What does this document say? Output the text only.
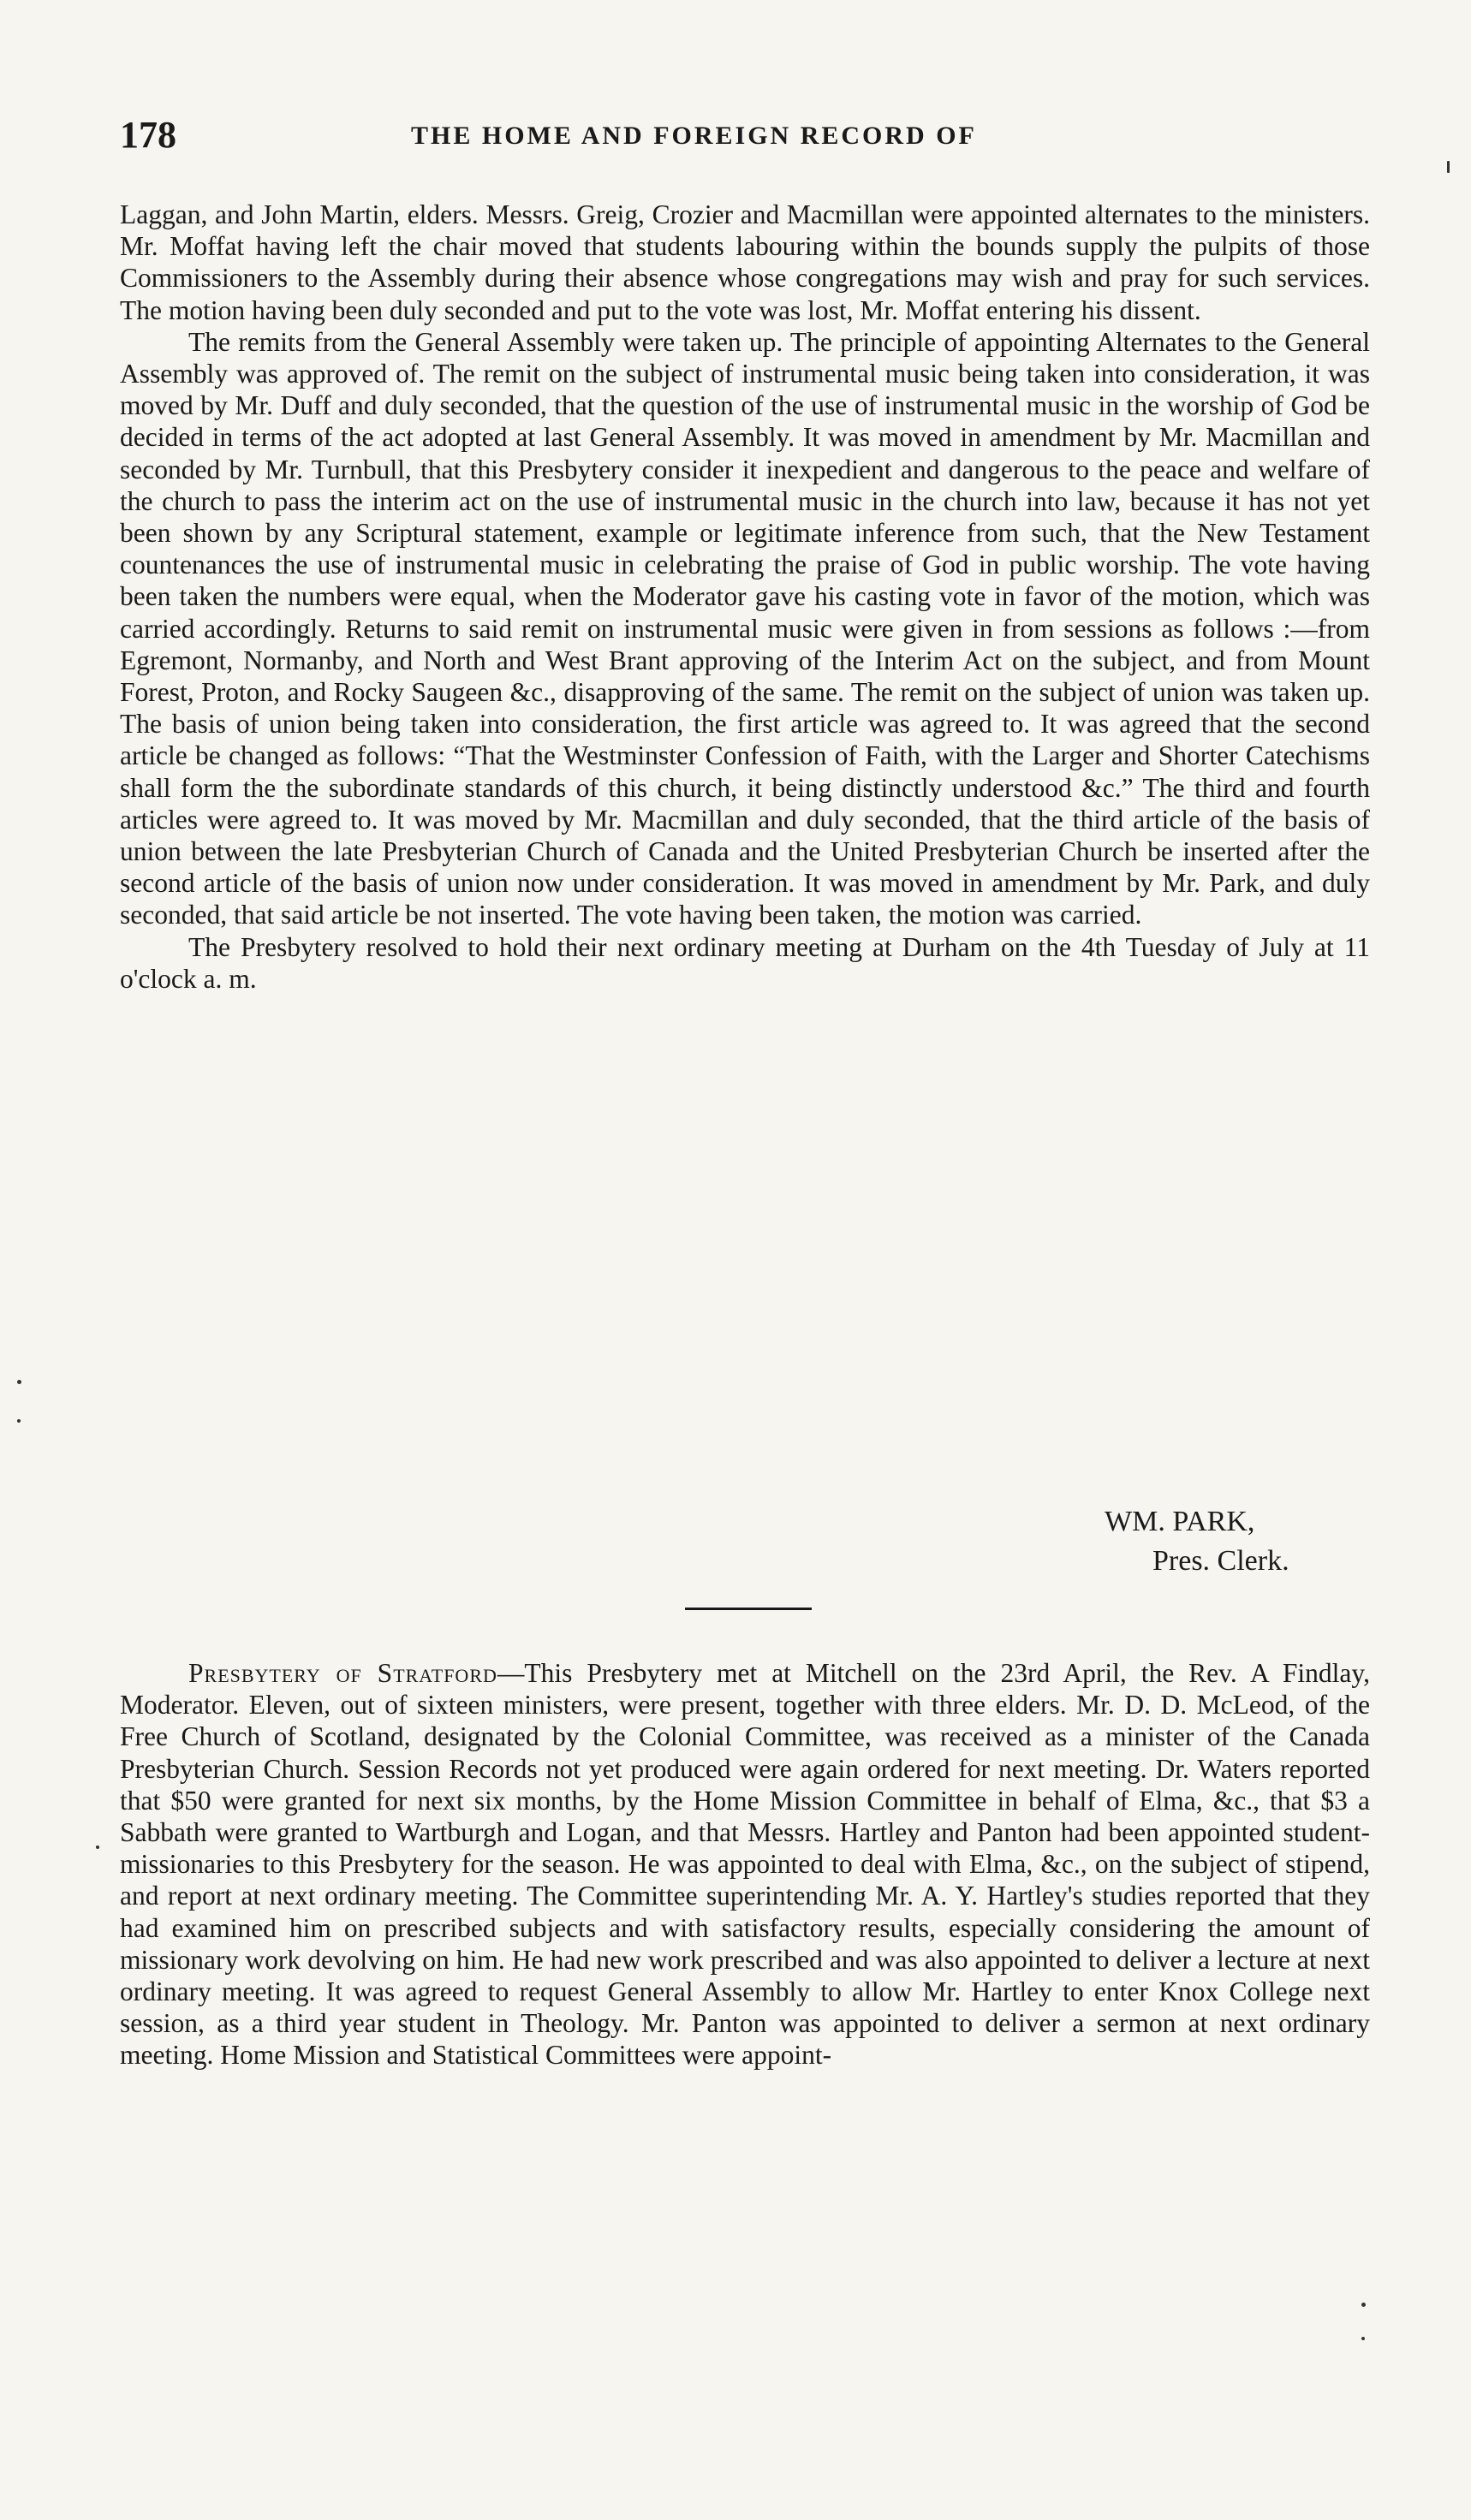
178	THE HOME AND FOREIGN RECORD OF

Laggan, and John Martin, elders. Messrs. Greig, Crozier and Macmillan were appointed alternates to the ministers. Mr. Moffat having left the chair moved that students labouring within the bounds supply the pulpits of those Commissioners to the Assembly during their absence whose congregations may wish and pray for such services. The motion having been duly seconded and put to the vote was lost, Mr. Moffat entering his dissent.

The remits from the General Assembly were taken up. The principle of appointing Alternates to the General Assembly was approved of. The remit on the subject of instrumental music being taken into consideration, it was moved by Mr. Duff and duly seconded, that the question of the use of instrumental music in the worship of God be decided in terms of the act adopted at last General Assembly. It was moved in amendment by Mr. Macmillan and seconded by Mr. Turnbull, that this Presbytery consider it inexpedient and dangerous to the peace and welfare of the church to pass the interim act on the use of instrumental music in the church into law, because it has not yet been shown by any Scriptural statement, example or legitimate inference from such, that the New Testament countenances the use of instrumental music in celebrating the praise of God in public worship. The vote having been taken the numbers were equal, when the Moderator gave his casting vote in favor of the motion, which was carried accordingly. Returns to said remit on instrumental music were given in from sessions as follows :—from Egremont, Normanby, and North and West Brant approving of the Interim Act on the subject, and from Mount Forest, Proton, and Rocky Saugeen &c., disapproving of the same. The remit on the subject of union was taken up. The basis of union being taken into consideration, the first article was agreed to. It was agreed that the second article be changed as follows: “That the Westminster Confession of Faith, with the Larger and Shorter Catechisms shall form the the subordinate standards of this church, it being distinctly understood &c.” The third and fourth articles were agreed to. It was moved by Mr. Macmillan and duly seconded, that the third article of the basis of union between the late Presbyterian Church of Canada and the United Presbyterian Church be inserted after the second article of the basis of union now under consideration. It was moved in amendment by Mr. Park, and duly seconded, that said article be not inserted. The vote having been taken, the motion was carried.

The Presbytery resolved to hold their next ordinary meeting at Durham on the 4th Tuesday of July at 11 o'clock a. m.

WM. PARK,
Pres. Clerk.

Presbytery of Stratford—This Presbytery met at Mitchell on the 23rd April, the Rev. A Findlay, Moderator. Eleven, out of sixteen ministers, were present, together with three elders. Mr. D. D. McLeod, of the Free Church of Scotland, designated by the Colonial Committee, was received as a minister of the Canada Presbyterian Church. Session Records not yet produced were again ordered for next meeting. Dr. Waters reported that $50 were granted for next six months, by the Home Mission Committee in behalf of Elma, &c., that $3 a Sabbath were granted to Wartburgh and Logan, and that Messrs. Hartley and Panton had been appointed student-missionaries to this Presbytery for the season. He was appointed to deal with Elma, &c., on the subject of stipend, and report at next ordinary meeting. The Committee superintending Mr. A. Y. Hartley's studies reported that they had examined him on prescribed subjects and with satisfactory results, especially considering the amount of missionary work devolving on him. He had new work prescribed and was also appointed to deliver a lecture at next ordinary meeting. It was agreed to request General Assembly to allow Mr. Hartley to enter Knox College next session, as a third year student in Theology. Mr. Panton was appointed to deliver a sermon at next ordinary meeting. Home Mission and Statistical Committees were appoint-
